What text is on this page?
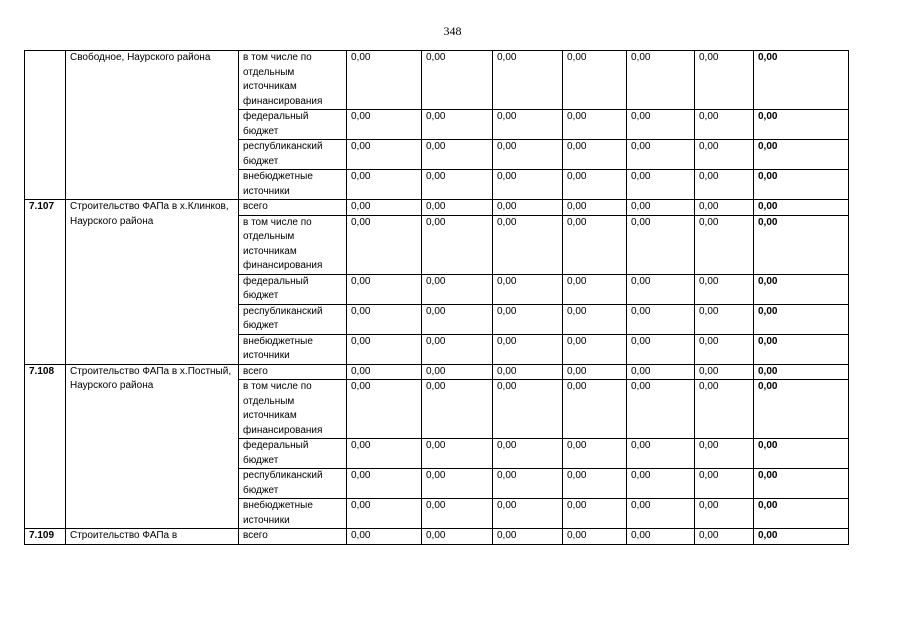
348
	Свободное, Наурского района	в том числе по отдельным источникам финансирования	0,00	0,00	0,00	0,00	0,00	0,00	0,00
		федеральный бюджет	0,00	0,00	0,00	0,00	0,00	0,00	0,00
		республиканский бюджет	0,00	0,00	0,00	0,00	0,00	0,00	0,00
		внебюджетные источники	0,00	0,00	0,00	0,00	0,00	0,00	0,00
7.107	Строительство ФАПа в х.Клинков, Наурского района	всего	0,00	0,00	0,00	0,00	0,00	0,00	0,00
		в том числе по отдельным источникам финансирования	0,00	0,00	0,00	0,00	0,00	0,00	0,00
		федеральный бюджет	0,00	0,00	0,00	0,00	0,00	0,00	0,00
		республиканский бюджет	0,00	0,00	0,00	0,00	0,00	0,00	0,00
		внебюджетные источники	0,00	0,00	0,00	0,00	0,00	0,00	0,00
7.108	Строительство ФАПа в х.Постный, Наурского района	всего	0,00	0,00	0,00	0,00	0,00	0,00	0,00
		в том числе по отдельным источникам финансирования	0,00	0,00	0,00	0,00	0,00	0,00	0,00
		федеральный бюджет	0,00	0,00	0,00	0,00	0,00	0,00	0,00
		республиканский бюджет	0,00	0,00	0,00	0,00	0,00	0,00	0,00
		внебюджетные источники	0,00	0,00	0,00	0,00	0,00	0,00	0,00
7.109	Строительство ФАПа в	всего	0,00	0,00	0,00	0,00	0,00	0,00	0,00
